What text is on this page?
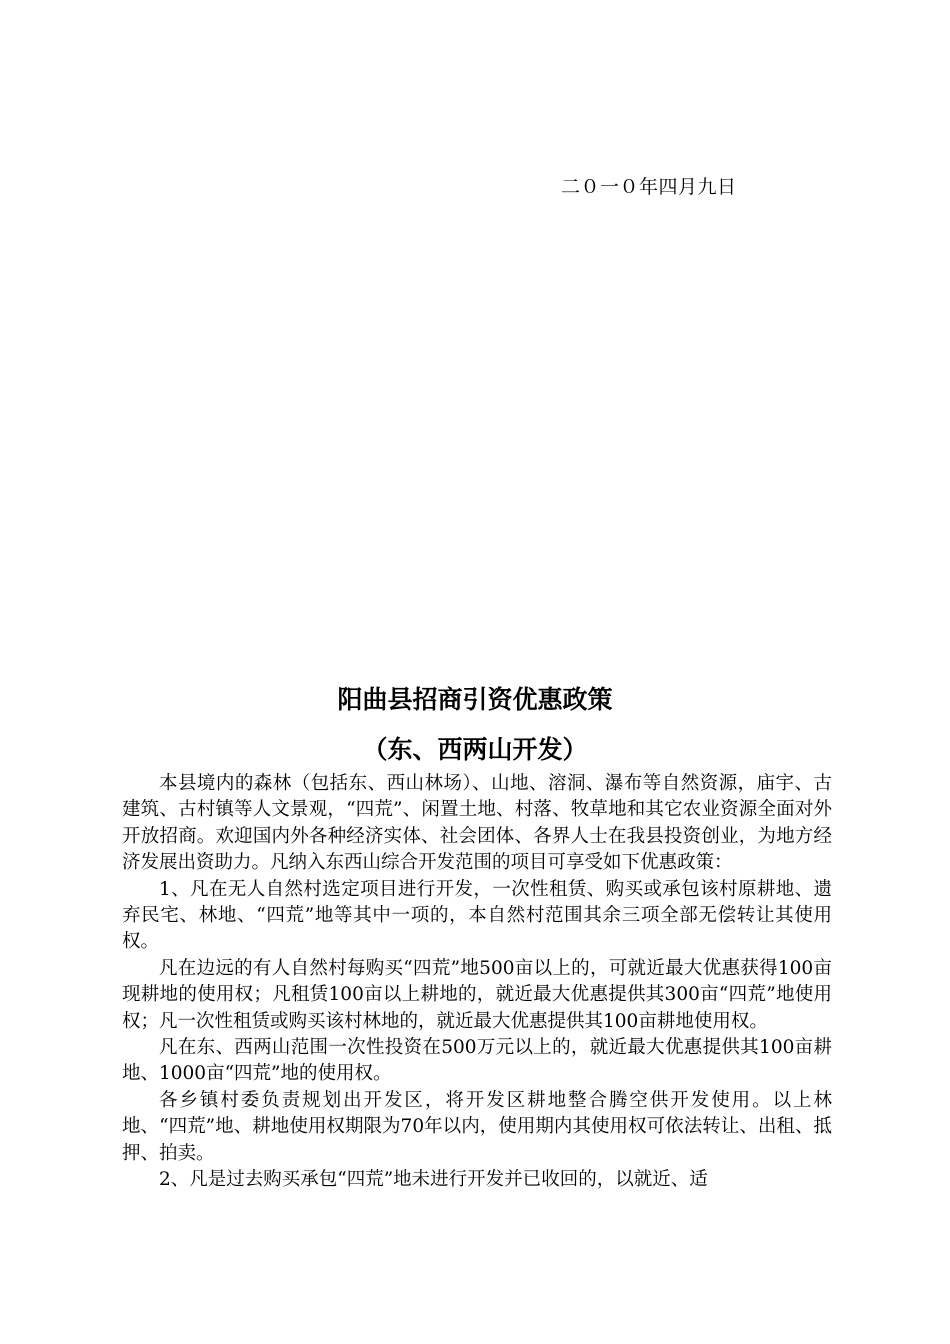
二０一０年四月九日
阳曲县招商引资优惠政策
（东、西两山开发）

本县境内的森林（包括东、西山林场）、山地、溶洞、瀑布等自然资源，庙宇、古建筑、古村镇等人文景观，“四荒”、闲置土地、村落、牧草地和其它农业资源全面对外开放招商。欢迎国内外各种经济实体、社会团体、各界人士在我县投资创业，为地方经济发展出资助力。凡纳入东西山综合开发范围的项目可享受如下优惠政策：

1、凡在无人自然村选定项目进行开发，一次性租赁、购买或承包该村原耕地、遗弃民宅、林地、“四荒”地等其中一项的，本自然村范围其余三项全部无偿转让其使用权。

凡在边远的有人自然村每购买“四荒”地500亩以上的，可就近最大优惠获得100亩现耕地的使用权；凡租赁100亩以上耕地的，就近最大优惠提供其300亩“四荒”地使用权；凡一次性租赁或购买该村林地的，就近最大优惠提供其100亩耕地使用权。

凡在东、西两山范围一次性投资在500万元以上的，就近最大优惠提供其100亩耕地、1000亩“四荒”地的使用权。

各乡镇村委负责规划出开发区，将开发区耕地整合腾空供开发使用。以上林地、“四荒”地、耕地使用权期限为70年以内，使用期内其使用权可依法转让、出租、抵押、拍卖。

2、凡是过去购买承包“四荒”地未进行开发并已收回的，以就近、适
